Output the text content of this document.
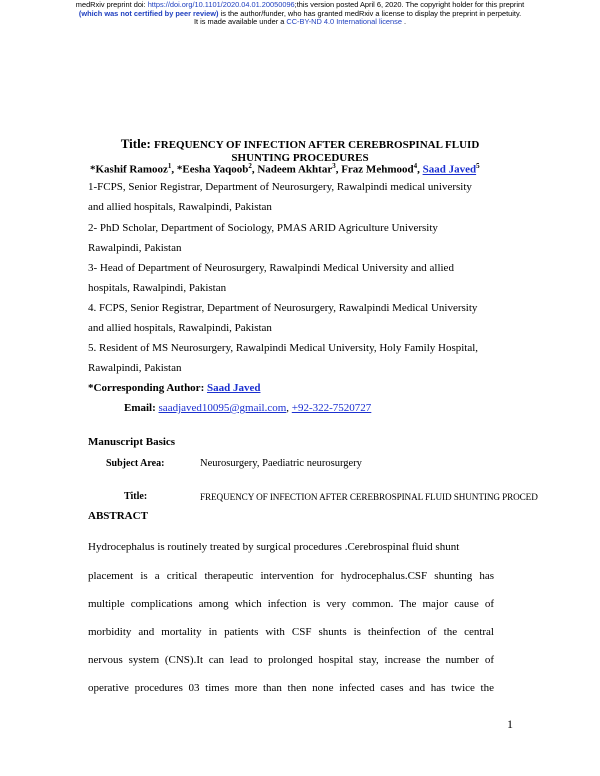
medRxiv preprint doi: https://doi.org/10.1101/2020.04.01.20050096;this version posted April 6, 2020. The copyright holder for this preprint
(which was not certified by peer review) is the author/funder, who has granted medRxiv a license to display the preprint in perpetuity.
It is made available under a CC-BY-ND 4.0 International license .
Title: FREQUENCY OF INFECTION AFTER CEREBROSPINAL FLUID
SHUNTING PROCEDURES
*Kashif Ramooz$^1$, *Eesha Yaqoob$^2$, Nadeem Akhtar$^3$, Fraz Mehmood$^4$, Saad Javed$^5$
1-FCPS, Senior Registrar, Department of Neurosurgery, Rawalpindi medical university
and allied hospitals, Rawalpindi, Pakistan
2- PhD Scholar, Department of Sociology, PMAS ARID Agriculture University
Rawalpindi, Pakistan
3- Head of Department of Neurosurgery, Rawalpindi Medical University and allied
hospitals, Rawalpindi, Pakistan
4. FCPS, Senior Registrar, Department of Neurosurgery, Rawalpindi Medical University
and allied hospitals, Rawalpindi, Pakistan
5. Resident of MS Neurosurgery, Rawalpindi Medical University, Holy Family Hospital,
Rawalpindi, Pakistan
*Corresponding Author: Saad Javed
Email: saadjaved10095@gmail.com, +92-322-7520727
Manuscript Basics
Subject Area:	Neurosurgery, Paediatric neurosurgery
Title:	FREQUENCY OF INFECTION AFTER CEREBROSPINAL FLUID SHUNTING PROCED
ABSTRACT
Hydrocephalus is routinely treated by surgical procedures .Cerebrospinal fluid shunt
placement is a critical therapeutic intervention for hydrocephalus.CSF shunting has
multiple complications among which infection is very common. The major cause of
morbidity and mortality in patients with CSF shunts is theinfection of the central
nervous system (CNS).It can lead to prolonged hospital stay, increase the number of
operative procedures 03 times more than then none infected cases and has twice the
1
